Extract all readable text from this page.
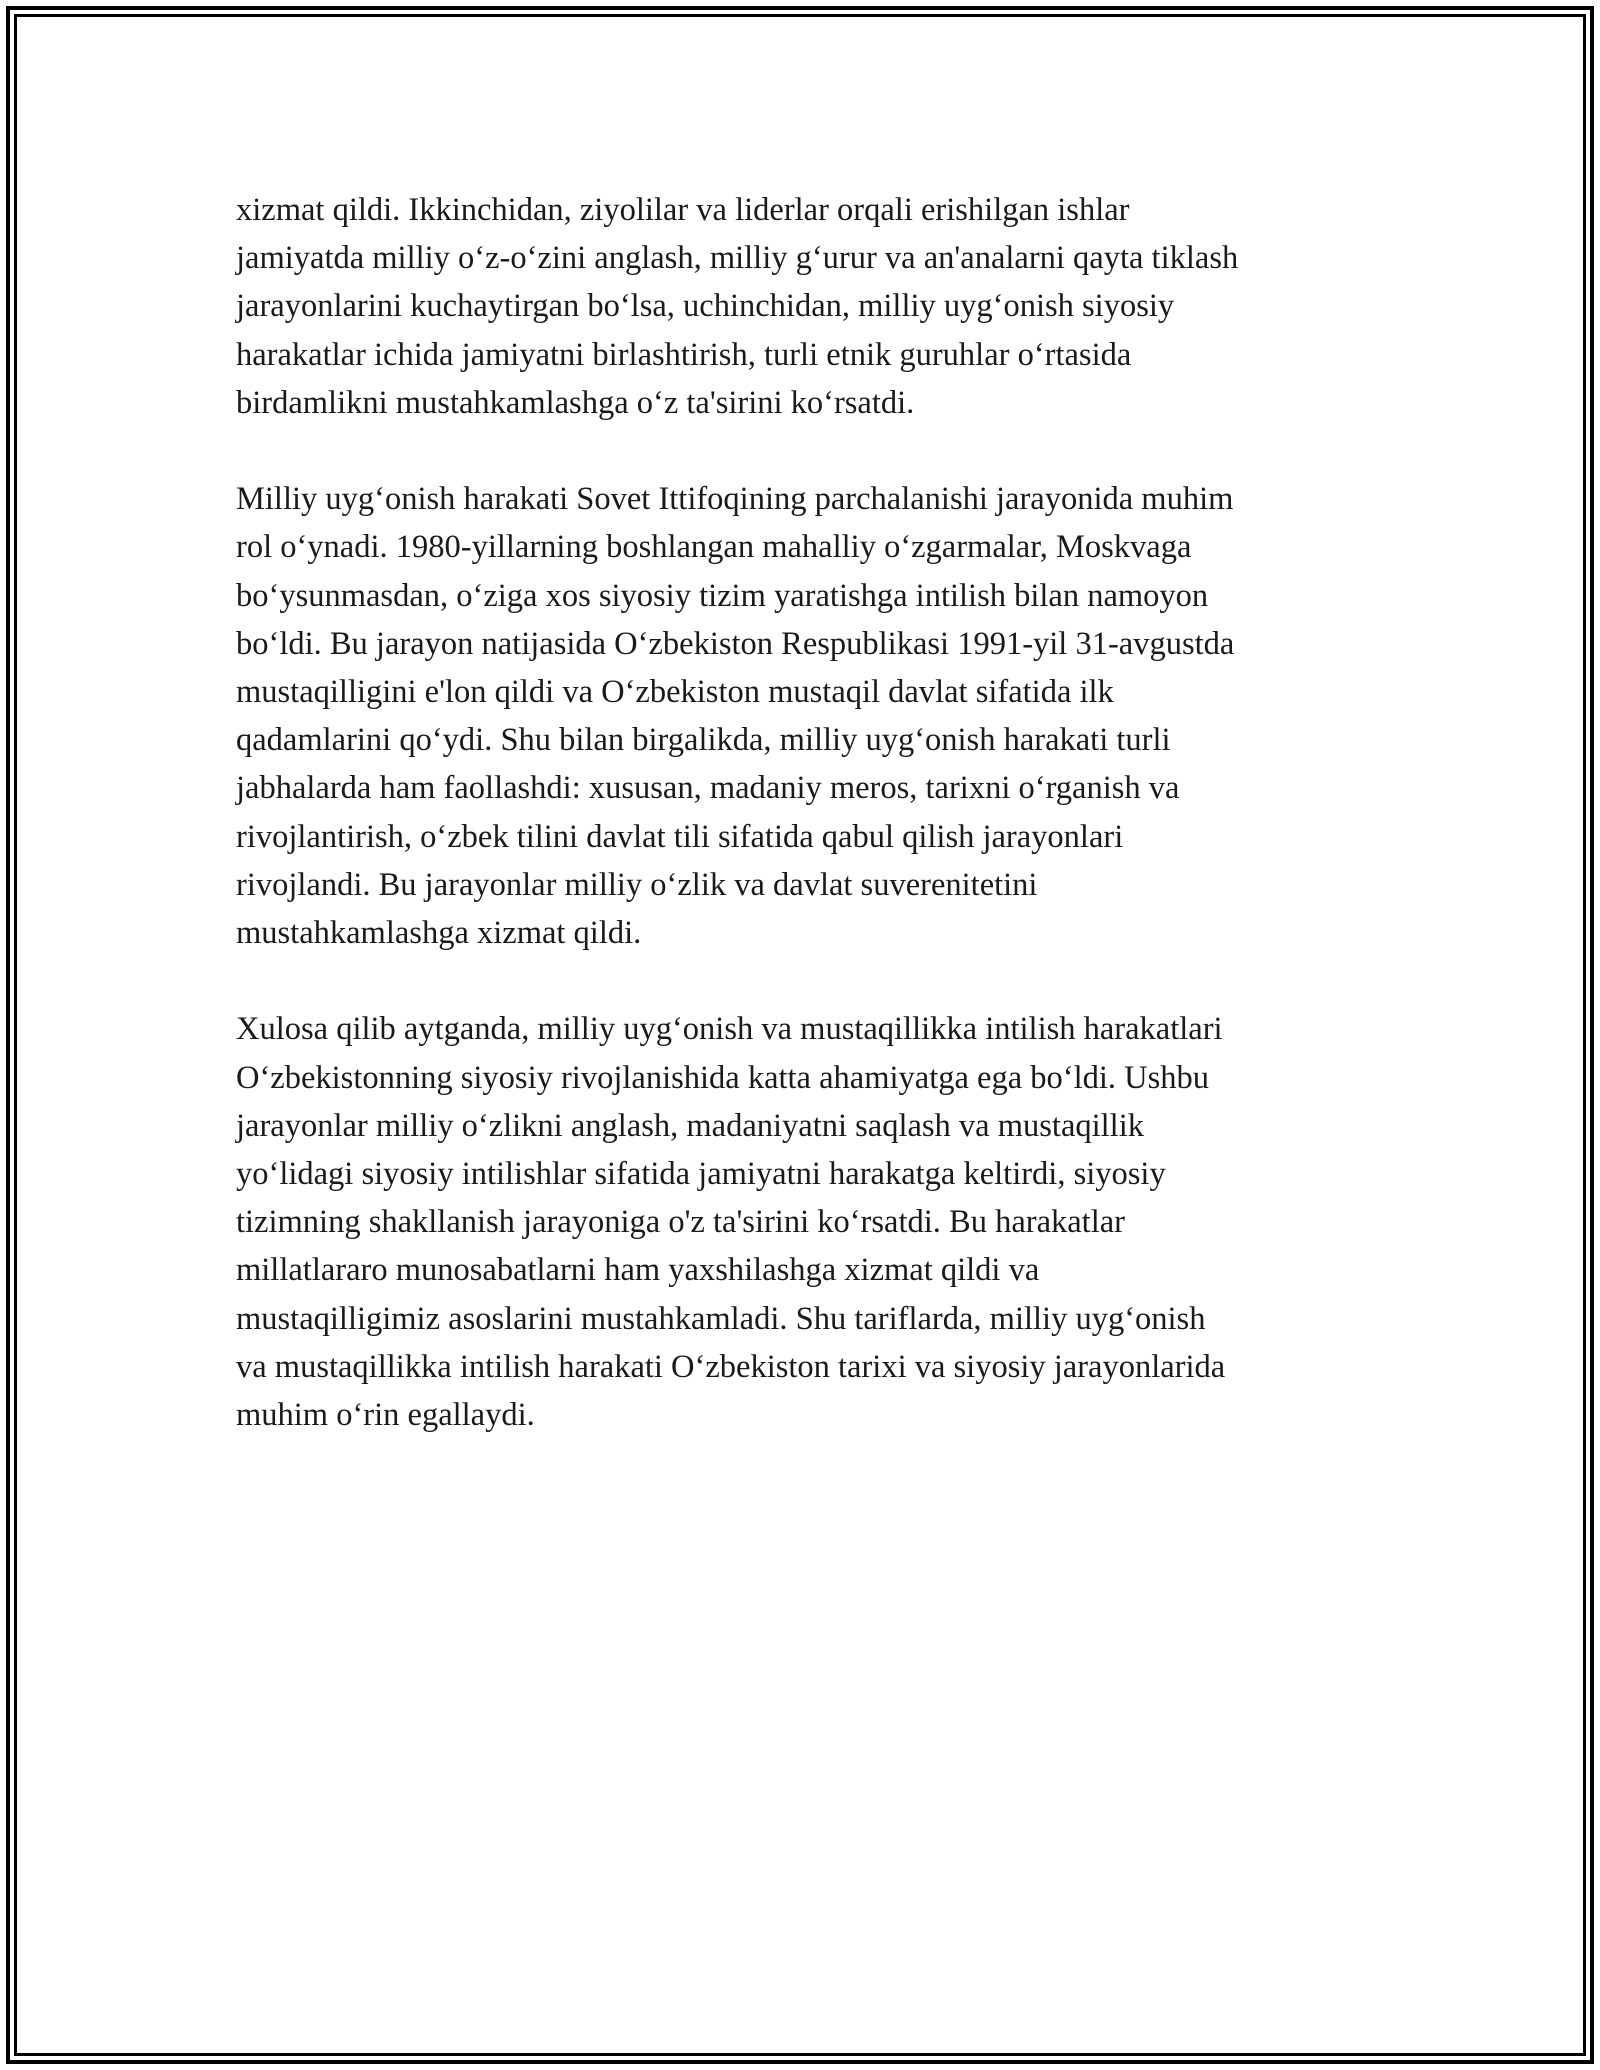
xizmat qildi. Ikkinchidan, ziyolilar va liderlar orqali erishilgan ishlar
jamiyatda milliy o‘z-o‘zini anglash, milliy g‘urur va an'analarni qayta tiklash
jarayonlarini kuchaytirgan bo‘lsa, uchinchidan, milliy uyg‘onish siyosiy
harakatlar ichida jamiyatni birlashtirish, turli etnik guruhlar o‘rtasida
birdamlikni mustahkamlashga o‘z ta'sirini ko‘rsatdi.

Milliy uyg‘onish harakati Sovet Ittifoqining parchalanishi jarayonida muhim
rol o‘ynadi. 1980-yillarning boshlangan mahalliy o‘zgarmalar, Moskvaga
bo‘ysunmasdan, o‘ziga xos siyosiy tizim yaratishga intilish bilan namoyon
bo‘ldi. Bu jarayon natijasida O‘zbekiston Respublikasi 1991-yil 31-avgustda
mustaqilligini e'lon qildi va O‘zbekiston mustaqil davlat sifatida ilk
qadamlarini qo‘ydi. Shu bilan birgalikda, milliy uyg‘onish harakati turli
jabhalarda ham faollashdi: xususan, madaniy meros, tarixni o‘rganish va
rivojlantirish, o‘zbek tilini davlat tili sifatida qabul qilish jarayonlari
rivojlandi. Bu jarayonlar milliy o‘zlik va davlat suverenitetini
mustahkamlashga xizmat qildi.

Xulosa qilib aytganda, milliy uyg‘onish va mustaqillikka intilish harakatlari
O‘zbekistonning siyosiy rivojlanishida katta ahamiyatga ega bo‘ldi. Ushbu
jarayonlar milliy o‘zlikni anglash, madaniyatni saqlash va mustaqillik
yo‘lidagi siyosiy intilishlar sifatida jamiyatni harakatga keltirdi, siyosiy
tizimning shakllanish jarayoniga o'z ta'sirini ko‘rsatdi. Bu harakatlar
millatlararo munosabatlarni ham yaxshilashga xizmat qildi va
mustaqilligimiz asoslarini mustahkamladi. Shu tariflarda, milliy uyg‘onish
va mustaqillikka intilish harakati O‘zbekiston tarixi va siyosiy jarayonlarida
muhim o‘rin egallaydi.
